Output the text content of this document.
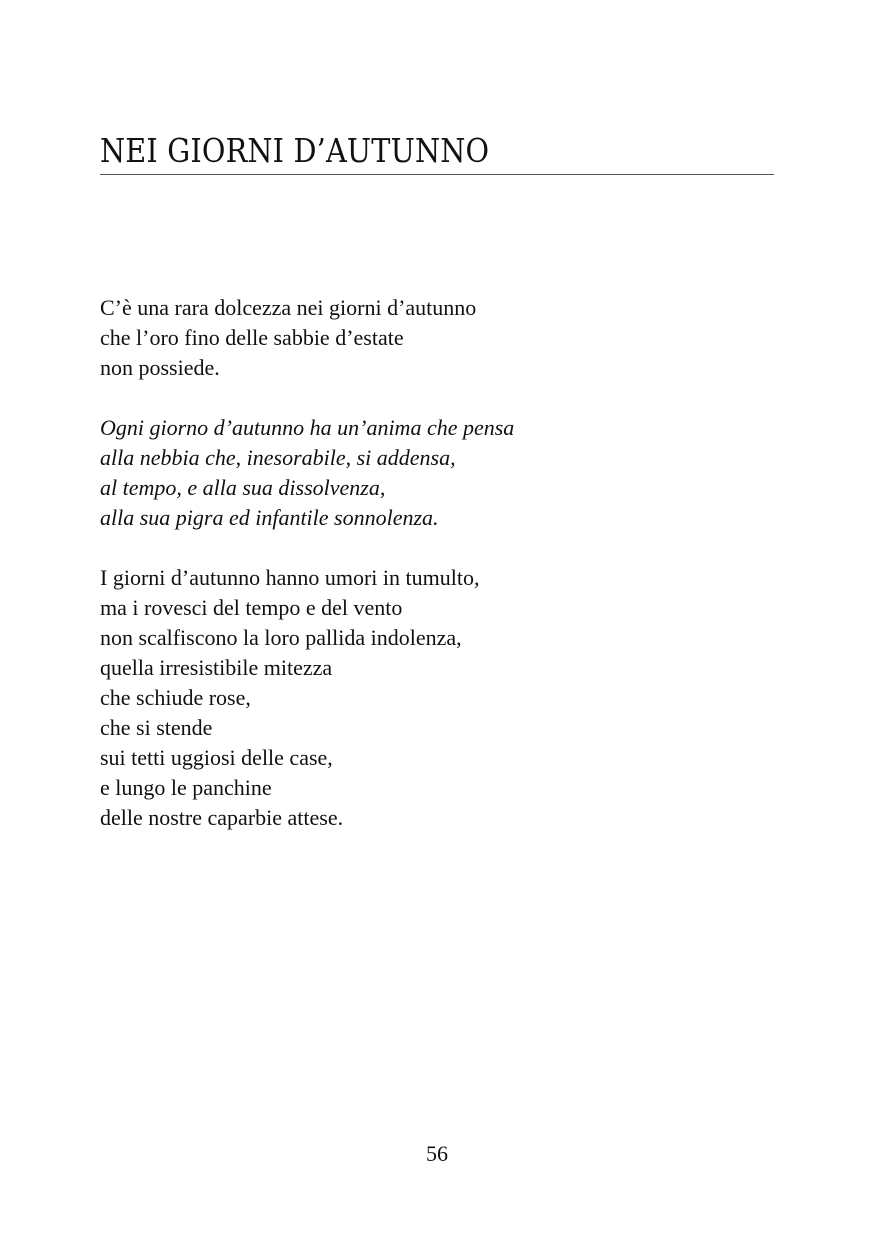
NEI GIORNI D’AUTUNNO
C’è una rara dolcezza nei giorni d’autunno
che l’oro fino delle sabbie d’estate
non possiede.
Ogni giorno d’autunno ha un’anima che pensa
alla nebbia che, inesorabile, si addensa,
al tempo, e alla sua dissolvenza,
alla sua pigra ed infantile sonnolenza.
I giorni d’autunno hanno umori in tumulto,
ma i rovesci del tempo e del vento
non scalfiscono la loro pallida indolenza,
quella irresistibile mitezza
che schiude rose,
che si stende
sui tetti uggiosi delle case,
e lungo le panchine
delle nostre caparbie attese.
56
